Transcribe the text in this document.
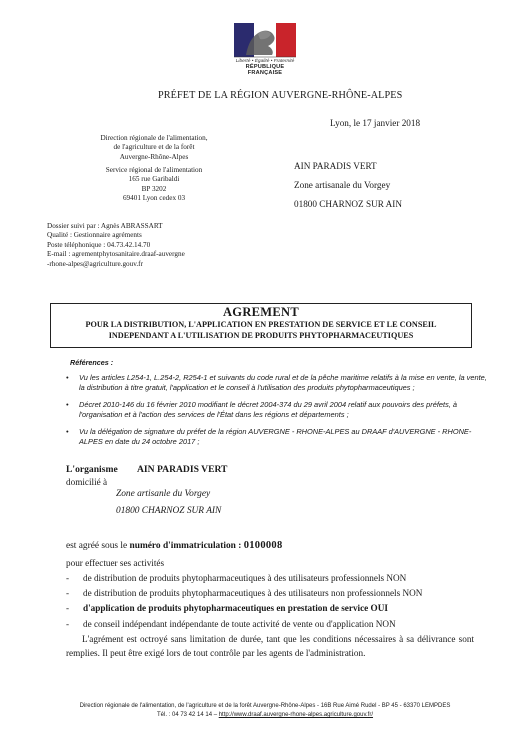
Liberté • Égalité • Fraternité
RÉPUBLIQUE FRANÇAISE
PRÉFET DE LA RÉGION AUVERGNE-RHÔNE-ALPES
Lyon, le 17 janvier 2018
Direction régionale de l'alimentation,
de l'agriculture et de la forêt
Auvergne-Rhône-Alpes
Service régional de l'alimentation
165 rue Garibaldi
BP 3202
69401 Lyon cedex 03
AIN PARADIS VERT
Zone artisanale du Vorgey
01800 CHARNOZ SUR AIN
Dossier suivi par : Agnès ABRASSART
Qualité : Gestionnaire agréments
Poste téléphonique : 04.73.42.14.70
E-mail : agrementphytosanitaire.draaf-auvergne
-rhone-alpes@agriculture.gouv.fr
AGREMENT
POUR LA DISTRIBUTION, L'APPLICATION EN PRESTATION DE SERVICE ET LE CONSEIL
INDEPENDANT A L'UTILISATION DE PRODUITS PHYTOPHARMACEUTIQUES
Références :
• Vu les articles L254-1, L.254-2, R254-1 et suivants du code rural et de la pêche maritime relatifs à la mise en vente, la vente, la distribution à titre gratuit, l'application et le conseil à l'utilisation des produits phytopharmaceutiques ;
• Décret 2010-146 du 16 février 2010 modifiant le décret 2004-374 du 29 avril 2004 relatif aux pouvoirs des préfets, à l'organisation et à l'action des services de l'État dans les régions et départements ;
• Vu la délégation de signature du préfet de la région AUVERGNE - RHONE-ALPES au DRAAF d'AUVERGNE - RHONE-ALPES en date du 24 octobre 2017 ;
L'organisme
domicilié à
AIN PARADIS VERT
Zone artisanle du Vorgey
01800 CHARNOZ SUR AIN
est agréé sous le numéro d'immatriculation : 0100008
pour effectuer ses activités
- de distribution de produits phytopharmaceutiques à des utilisateurs professionnels NON
- de distribution de produits phytopharmaceutiques à des utilisateurs non professionnels NON
- d'application de produits phytopharmaceutiques en prestation de service OUI
- de conseil indépendant indépendante de toute activité de vente ou d'application NON
L'agrément est octroyé sans limitation de durée, tant que les conditions nécessaires à sa délivrance sont remplies. Il peut être exigé lors de tout contrôle par les agents de l'administration.
Direction régionale de l'alimentation, de l'agriculture et de la forêt Auvergne-Rhône-Alpes - 16B Rue Aimé Rudel - BP 45 - 63370 LEMPDES
Tél. : 04 73 42 14 14 – http://www.draaf.auvergne-rhone-alpes.agriculture.gouv.fr/
